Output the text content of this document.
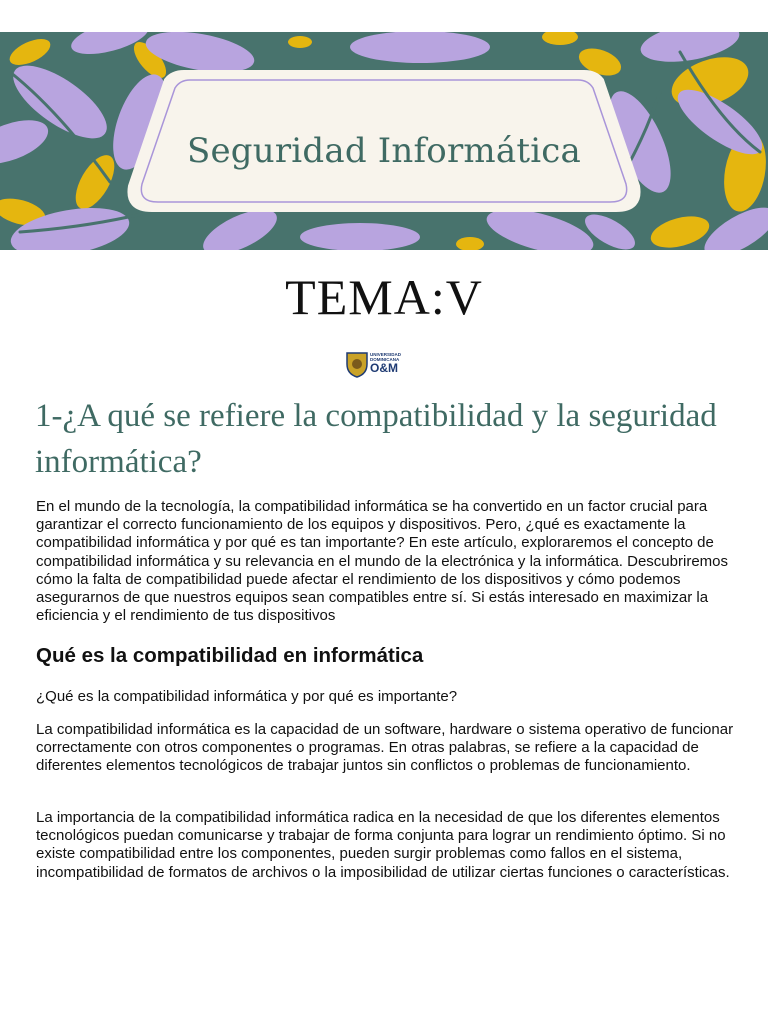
Seguridad Informática
TEMA:V
UNIVERSIDAD
DOMINICANA
O&M
1-¿A qué se refiere la compatibilidad y la seguridad informática?

En el mundo de la tecnología, la compatibilidad informática se ha convertido en un factor crucial para garantizar el correcto funcionamiento de los equipos y dispositivos. Pero, ¿qué es exactamente la compatibilidad informática y por qué es tan importante? En este artículo, exploraremos el concepto de compatibilidad informática y su relevancia en el mundo de la electrónica y la informática. Descubriremos cómo la falta de compatibilidad puede afectar el rendimiento de los dispositivos y cómo podemos asegurarnos de que nuestros equipos sean compatibles entre sí. Si estás interesado en maximizar la eficiencia y el rendimiento de tus dispositivos

Qué es la compatibilidad en informática

¿Qué es la compatibilidad informática y por qué es importante?

La compatibilidad informática es la capacidad de un software, hardware o sistema operativo de funcionar correctamente con otros componentes o programas. En otras palabras, se refiere a la capacidad de diferentes elementos tecnológicos de trabajar juntos sin conflictos o problemas de funcionamiento.

La importancia de la compatibilidad informática radica en la necesidad de que los diferentes elementos tecnológicos puedan comunicarse y trabajar de forma conjunta para lograr un rendimiento óptimo. Si no existe compatibilidad entre los componentes, pueden surgir problemas como fallos en el sistema, incompatibilidad de formatos de archivos o la imposibilidad de utilizar ciertas funciones o características.
